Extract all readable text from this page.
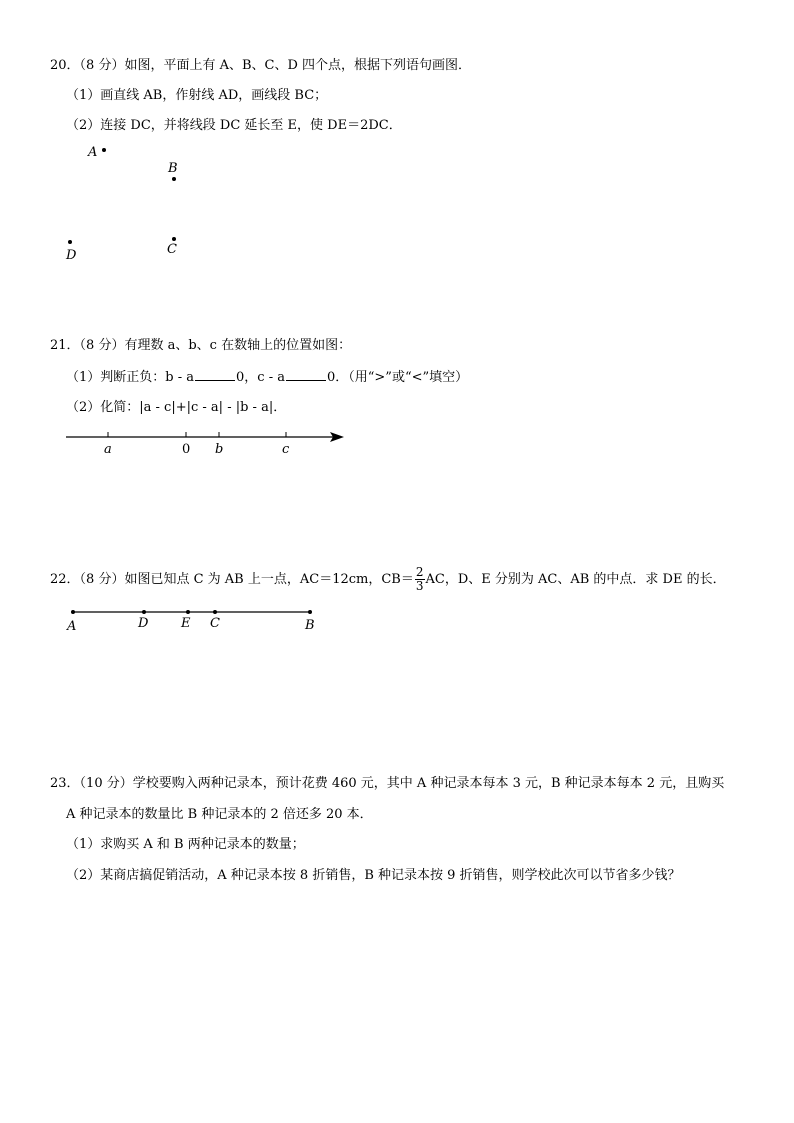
20．（8 分）如图，平面上有 A、B、C、D 四个点，根据下列语句画图．
（1）画直线 AB，作射线 AD，画线段 BC；
（2）连接 DC，并将线段 DC 延长至 E，使 DE＝2DC．
A
B
D	C
21．（8 分）有理数 a、b、c 在数轴上的位置如图：
（1）判断正负：b - a	0，c - a	0．（用“>”或“<”填空）
（2）化简：|a - c|+|c - a| - |b - a|．
a	0 b	c
22．（8 分）如图已知点 C 为 AB 上一点，AC＝12cm，$CB= \frac{2}{3}$ AC，D、E 分别为 AC、AB 的中点．求 DE 的长．
A	D	E C	B
23．（10 分）学校要购入两种记录本，预计花费 460 元，其中 A 种记录本每本 3 元，B 种记录本每本 2 元，且购买
A 种记录本的数量比 B 种记录本的 2 倍还多 20 本．
（1）求购买 A 和 B 两种记录本的数量；
（2）某商店搞促销活动，A 种记录本按 8 折销售，B 种记录本按 9 折销售，则学校此次可以节省多少钱？
